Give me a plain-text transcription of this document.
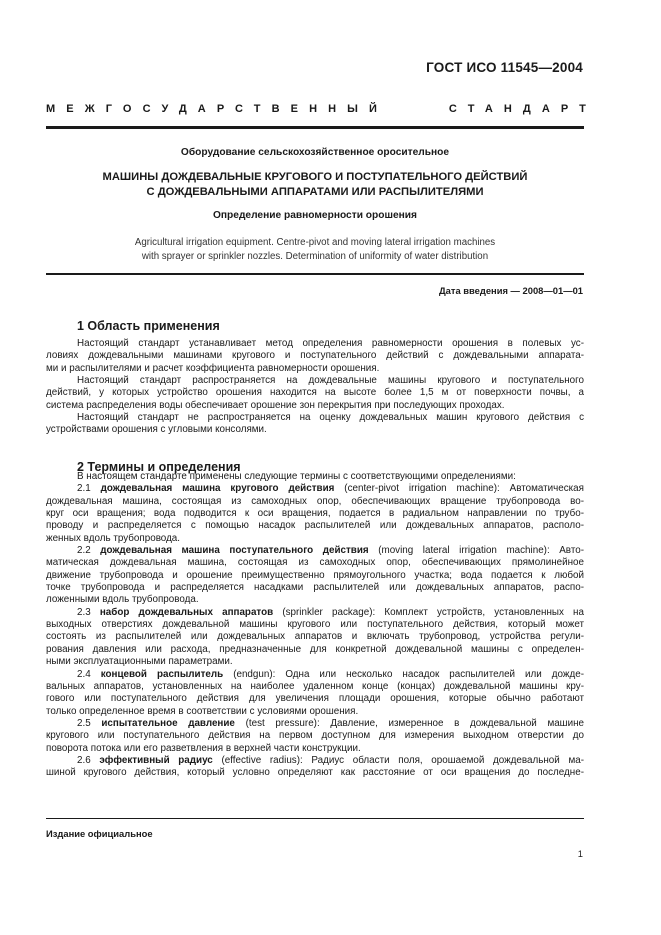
ГОСТ ИСО 11545—2004
МЕЖГОСУДАРСТВЕННЫЙ	СТАНДАРТ
Оборудование сельскохозяйственное оросительное
МАШИНЫ ДОЖДЕВАЛЬНЫЕ КРУГОВОГО И ПОСТУПАТЕЛЬНОГО ДЕЙСТВИЙ
С ДОЖДЕВАЛЬНЫМИ АППАРАТАМИ ИЛИ РАСПЫЛИТЕЛЯМИ
Определение равномерности орошения
Agricultural irrigation equipment. Centre-pivot and moving lateral irrigation machines
with sprayer or sprinkler nozzles. Determination of uniformity of water distribution
Дата введения — 2008—01—01
1 Область применения
Настоящий стандарт устанавливает метод определения равномерности орошения в полевых ус-
ловиях дождевальными машинами кругового и поступательного действий с дождевальными аппарата-
ми и распылителями и расчет коэффициента равномерности орошения.
Настоящий стандарт распространяется на дождевальные машины кругового и поступательного
действий, у которых устройство орошения находится на высоте более 1,5 м от поверхности почвы, а
система распределения воды обеспечивает орошение зон перекрытия при последующих проходах.
Настоящий стандарт не распространяется на оценку дождевальных машин кругового действия с
устройствами орошения с угловыми консолями.
2 Термины и определения
В настоящем стандарте применены следующие термины с соответствующими определениями:
2.1 дождевальная машина кругового действия (center-pivot irrigation machine): Автоматическая
дождевальная машина, состоящая из самоходных опор, обеспечивающих вращение трубопровода во-
круг оси вращения; вода подводится к оси вращения, подается в радиальном направлении по трубо-
проводу и распределяется с помощью насадок распылителей или дождевальных аппаратов, располо-
женных вдоль трубопровода.
2.2 дождевальная машина поступательного действия (moving lateral irrigation machine): Авто-
матическая дождевальная машина, состоящая из самоходных опор, обеспечивающих прямолинейное
движение трубопровода и орошение преимущественно прямоугольного участка; вода подается к любой
точке трубопровода и распределяется насадками распылителей или дождевальных аппаратов, распо-
ложенными вдоль трубопровода.
2.3 набор дождевальных аппаратов (sprinkler package): Комплект устройств, установленных на
выходных отверстиях дождевальной машины кругового или поступательного действия, который может
состоять из распылителей или дождевальных аппаратов и включать трубопровод, устройства регули-
рования давления или расхода, предназначенные для конкретной дождевальной машины с определен-
ными эксплуатационными параметрами.
2.4 концевой распылитель (endgun): Одна или несколько насадок распылителей или дожде-
вальных аппаратов, установленных на наиболее удаленном конце (концах) дождевальной машины кру-
гового или поступательного действия для увеличения площади орошения, которые обычно работают
только определенное время в соответствии с условиями орошения.
2.5 испытательное давление (test pressure): Давление, измеренное в дождевальной машине
кругового или поступательного действия на первом доступном для измерения выходном отверстии до
поворота потока или его разветвления в верхней части конструкции.
2.6 эффективный радиус (effective radius): Радиус области поля, орошаемой дождевальной ма-
шиной кругового действия, который условно определяют как расстояние от оси вращения до последне-
Издание официальное
1
